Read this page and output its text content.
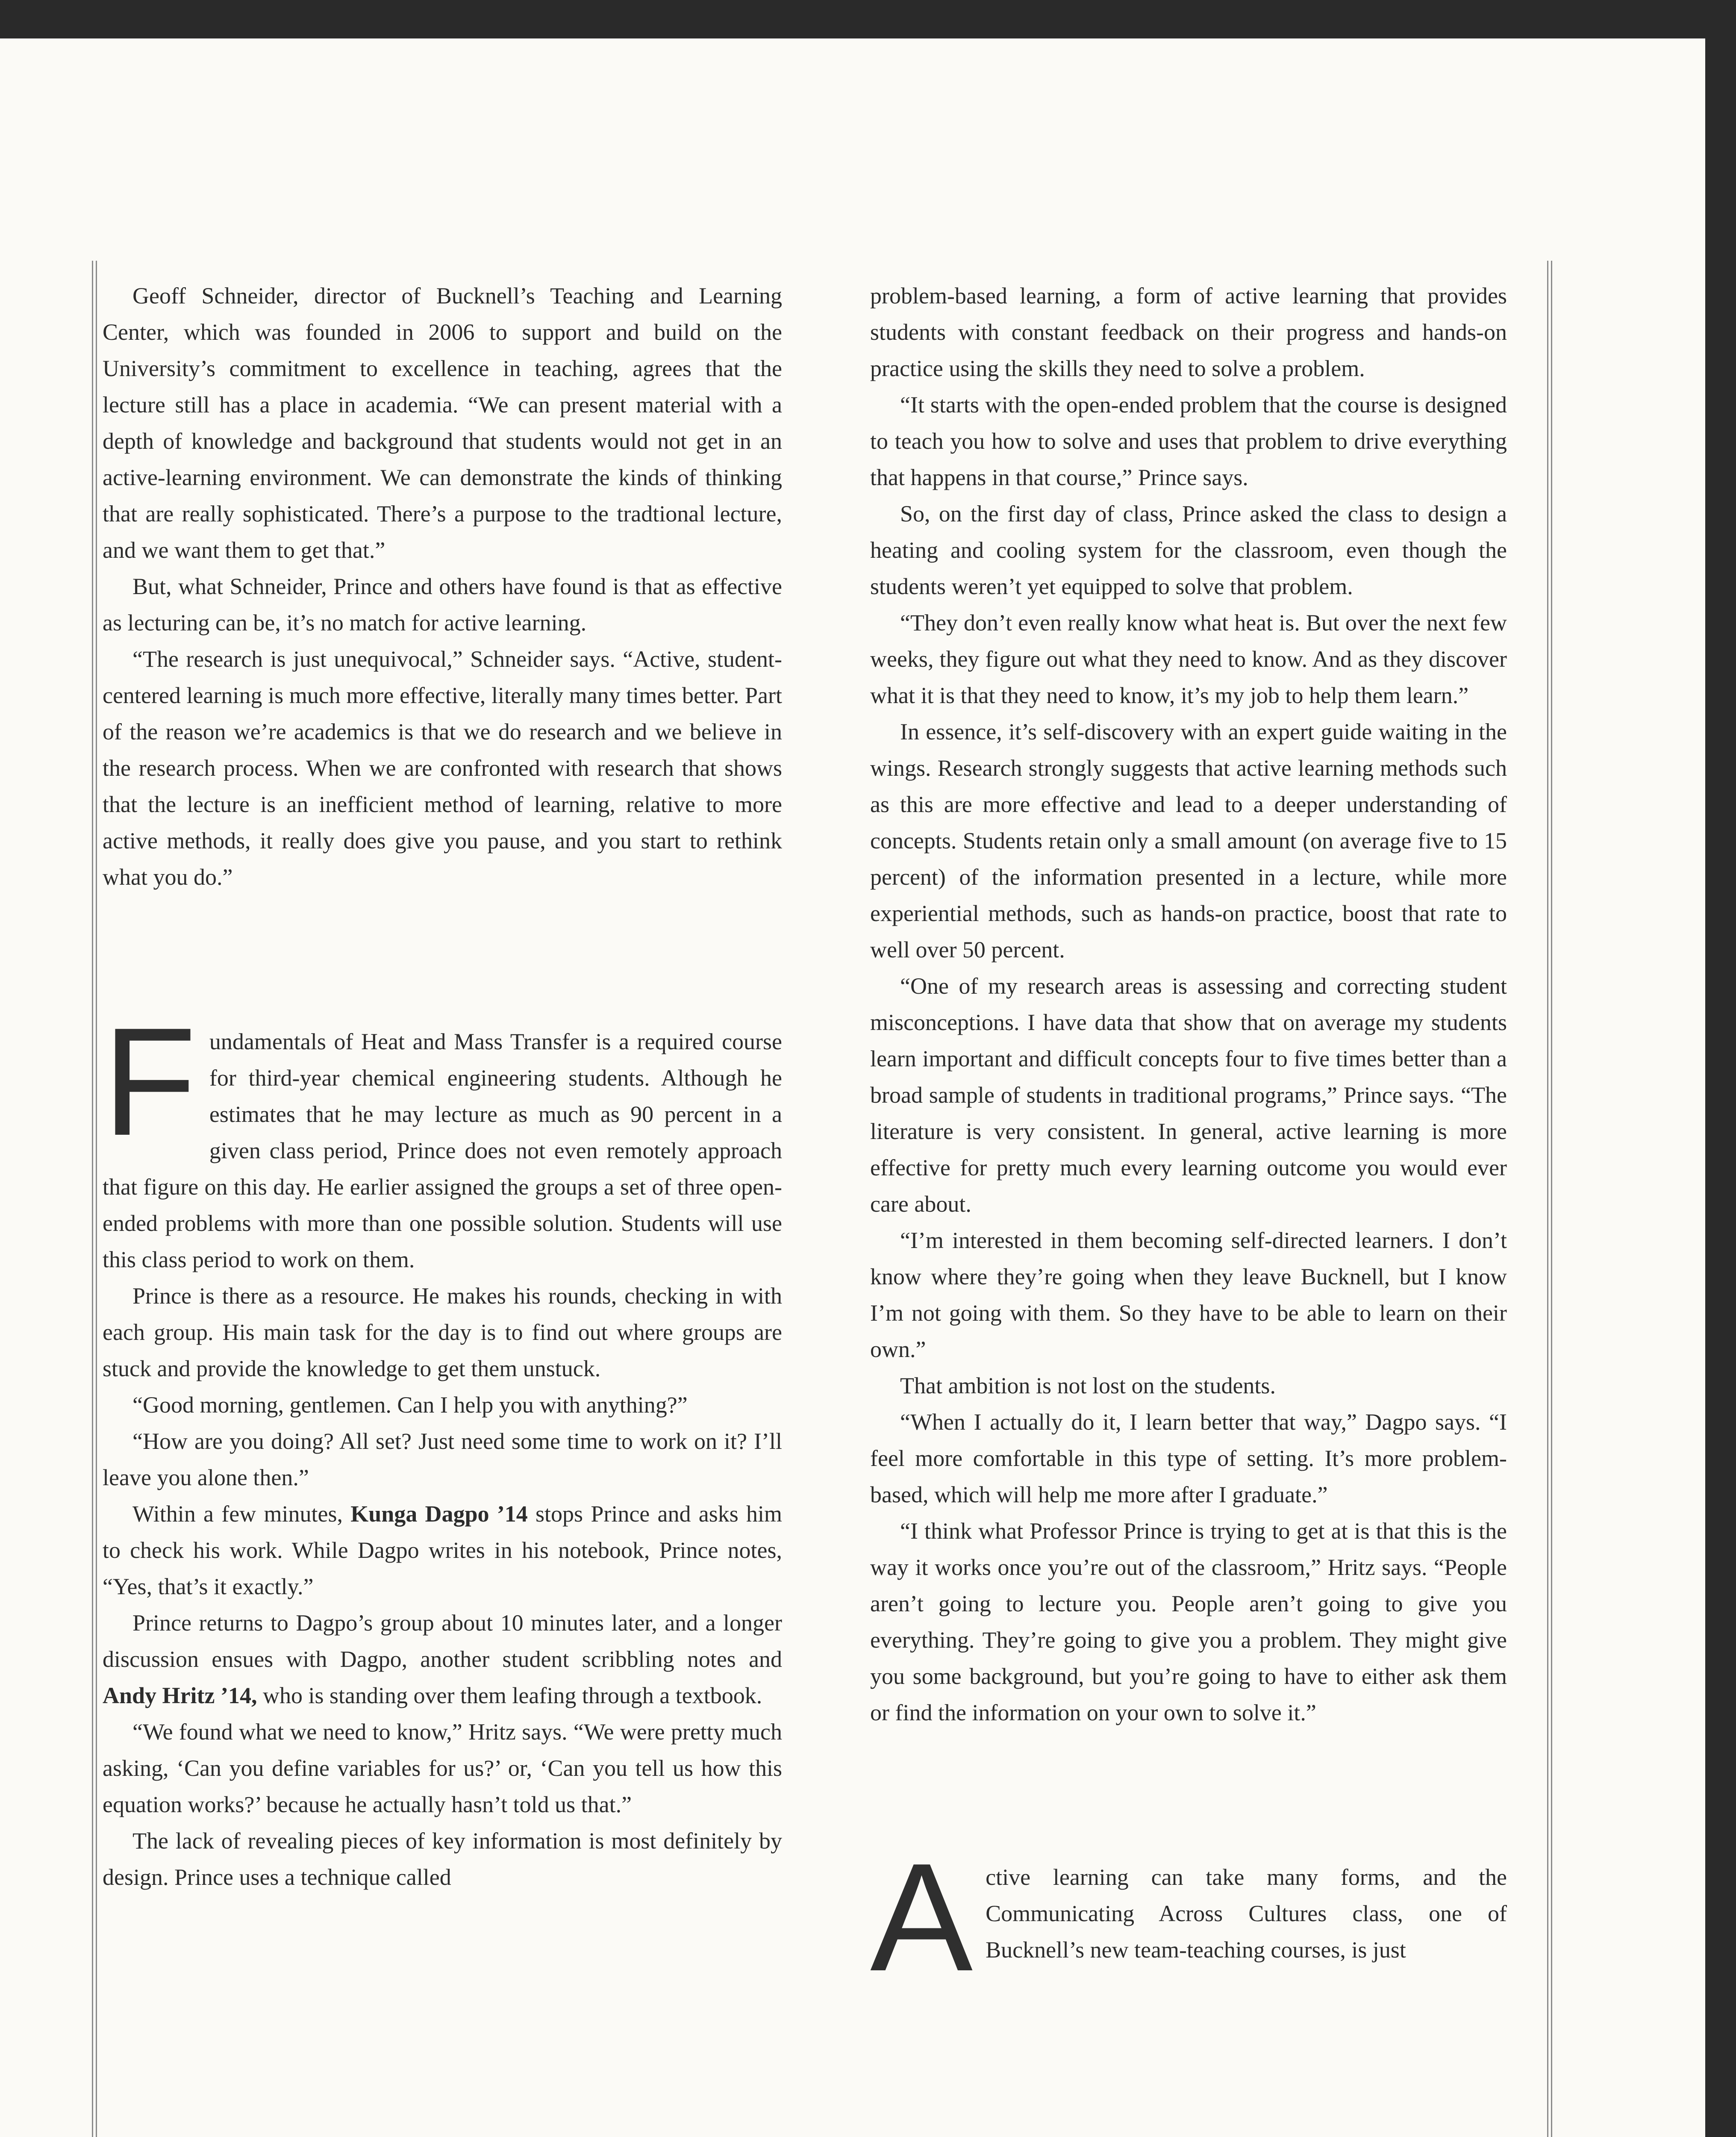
Geoff Schneider, director of Bucknell’s Teaching and Learning Center, which was founded in 2006 to support and build on the University’s commitment to excellence in teaching, agrees that the lecture still has a place in academia. “We can present material with a depth of knowledge and background that students would not get in an active-learning environment. We can demonstrate the kinds of thinking that are really sophisticated. There’s a purpose to the tradtional lecture, and we want them to get that.”

But, what Schneider, Prince and others have found is that as effective as lecturing can be, it’s no match for active learning.

“The research is just unequivocal,” Schneider says. “Active, student-centered learning is much more effective, literally many times better. Part of the reason we’re academics is that we do research and we believe in the research process. When we are confronted with research that shows that the lecture is an inefficient method of learning, relative to more active methods, it really does give you pause, and you start to rethink what you do.”

F undamentals of Heat and Mass Transfer is a required course for third-year chemical engineering students. Although he estimates that he may lecture as much as 90 percent in a given class period, Prince does not even remotely approach that figure on this day. He earlier assigned the groups a set of three open-ended problems with more than one possible solution. Students will use this class period to work on them.

Prince is there as a resource. He makes his rounds, checking in with each group. His main task for the day is to find out where groups are stuck and provide the knowledge to get them unstuck.

“Good morning, gentlemen. Can I help you with anything?”

“How are you doing? All set? Just need some time to work on it? I’ll leave you alone then.”

Within a few minutes, Kunga Dagpo ’14 stops Prince and asks him to check his work. While Dagpo writes in his notebook, Prince notes, “Yes, that’s it exactly.”

Prince returns to Dagpo’s group about 10 minutes later, and a longer discussion ensues with Dagpo, another student scribbling notes and Andy Hritz ’14, who is standing over them leafing through a textbook.

“We found what we need to know,” Hritz says. “We were pretty much asking, ‘Can you define variables for us?’ or, ‘Can you tell us how this equation works?’ because he actually hasn’t told us that.”

The lack of revealing pieces of key information is most definitely by design. Prince uses a technique called

problem-based learning, a form of active learning that provides students with constant feedback on their progress and hands-on practice using the skills they need to solve a problem.

“It starts with the open-ended problem that the course is designed to teach you how to solve and uses that problem to drive everything that happens in that course,” Prince says.

So, on the first day of class, Prince asked the class to design a heating and cooling system for the classroom, even though the students weren’t yet equipped to solve that problem.

“They don’t even really know what heat is. But over the next few weeks, they figure out what they need to know. And as they discover what it is that they need to know, it’s my job to help them learn.”

In essence, it’s self-discovery with an expert guide waiting in the wings. Research strongly suggests that active learning methods such as this are more effective and lead to a deeper understanding of concepts. Students retain only a small amount (on average five to 15 percent) of the information presented in a lecture, while more experiential methods, such as hands-on practice, boost that rate to well over 50 percent.

“One of my research areas is assessing and correcting student misconceptions. I have data that show that on average my students learn important and difficult concepts four to five times better than a broad sample of students in traditional programs,” Prince says. “The literature is very consistent. In general, active learning is more effective for pretty much every learning outcome you would ever care about.

“I’m interested in them becoming self-directed learners. I don’t know where they’re going when they leave Bucknell, but I know I’m not going with them. So they have to be able to learn on their own.”

That ambition is not lost on the students.

“When I actually do it, I learn better that way,” Dagpo says. “I feel more comfortable in this type of setting. It’s more problem-based, which will help me more after I graduate.”

“I think what Professor Prince is trying to get at is that this is the way it works once you’re out of the classroom,” Hritz says. “People aren’t going to lecture you. People aren’t going to give you everything. They’re going to give you a problem. They might give you some background, but you’re going to have to either ask them or find the information on your own to solve it.”

A ctive learning can take many forms, and the Communicating Across Cultures class, one of Bucknell’s new team-teaching courses, is just
